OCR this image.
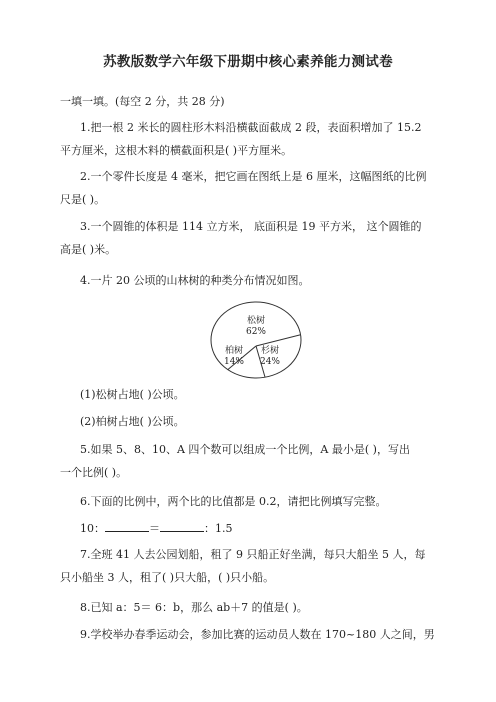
苏教版数学六年级下册期中核心素养能力测试卷
一填一填。(每空 2 分，共 28 分)
1.把一根 2 米长的圆柱形木料沿横截面截成 2 段，表面积增加了 15.2
平方厘米，这根木料的横截面积是( )平方厘米。
2.一个零件长度是 4 毫米，把它画在图纸上是 6 厘米，这幅图纸的比例
尺是( )。
3.一个圆锥的体积是 114 立方米， 底面积是 19 平方米， 这个圆锥的
高是( )米。
4.一片 20 公顷的山林树的种类分布情况如图。
松树
62%
杉树
24%
柏树
14%
(1)松树占地( )公顷。
(2)柏树占地( )公顷。
5.如果 5、8、10、A 四个数可以组成一个比例，A 最小是( )，写出
一个比例( )。
6.下面的比例中，两个比的比值都是 0.2，请把比例填写完整。
10：	＝	：1.5
7.全班 41 人去公园划船，租了 9 只船正好坐满，每只大船坐 5 人，每
只小船坐 3 人，租了( )只大船，( )只小船。
8.已知 a：5＝ 6：b，那么 ab＋7 的值是( )。
9.学校举办春季运动会，参加比赛的运动员人数在 170~180 人之间，男
